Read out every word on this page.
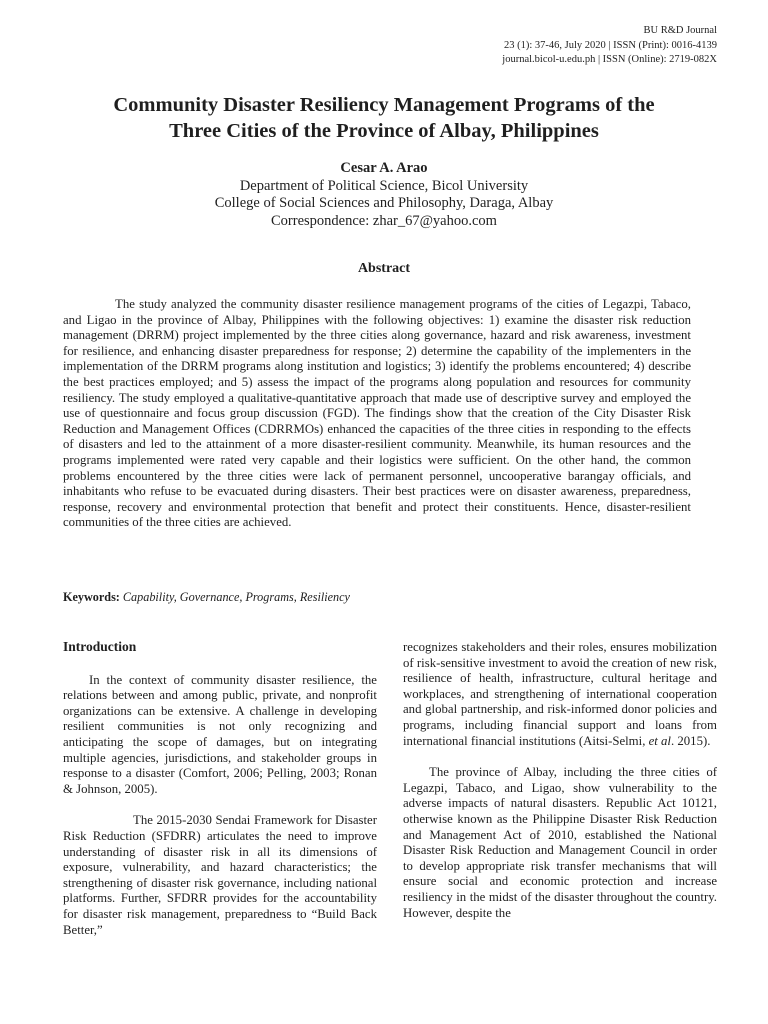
BU R&D Journal
23 (1): 37-46, July 2020 | ISSN (Print): 0016-4139
journal.bicol-u.edu.ph | ISSN (Online): 2719-082X
Community Disaster Resiliency Management Programs of the
Three Cities of the Province of Albay, Philippines
Cesar A. Arao
Department of Political Science, Bicol University
College of Social Sciences and Philosophy, Daraga, Albay
Correspondence: zhar_67@yahoo.com
Abstract

The study analyzed the community disaster resilience management programs of the cities of Legazpi, Tabaco, and Ligao in the province of Albay, Philippines with the following objectives: 1) examine the disaster risk reduction management (DRRM) project implemented by the three cities along governance, hazard and risk awareness, investment for resilience, and enhancing disaster preparedness for response; 2) determine the capability of the implementers in the implementation of the DRRM programs along institution and logistics; 3) identify the problems encountered; 4) describe the best practices employed; and 5) assess the impact of the programs along population and resources for community resiliency. The study employed a qualitative-quantitative approach that made use of descriptive survey and employed the use of questionnaire and focus group discussion (FGD). The findings show that the creation of the City Disaster Risk Reduction and Management Offices (CDRRMOs) enhanced the capacities of the three cities in responding to the effects of disasters and led to the attainment of a more disaster-resilient community. Meanwhile, its human resources and the programs implemented were rated very capable and their logistics were sufficient. On the other hand, the common problems encountered by the three cities were lack of permanent personnel, uncooperative barangay officials, and inhabitants who refuse to be evacuated during disasters. Their best practices were on disaster awareness, preparedness, response, recovery and environmental protection that benefit and protect their constituents. Hence, disaster-resilient communities of the three cities are achieved.

Keywords: Capability, Governance, Programs, Resiliency
Introduction

In the context of community disaster resilience, the relations between and among public, private, and nonprofit organizations can be extensive. A challenge in developing resilient communities is not only recognizing and anticipating the scope of damages, but on integrating multiple agencies, jurisdictions, and stakeholder groups in response to a disaster (Comfort, 2006; Pelling, 2003; Ronan & Johnson, 2005).

The 2015-2030 Sendai Framework for Disaster Risk Reduction (SFDRR) articulates the need to improve understanding of disaster risk in all its dimensions of exposure, vulnerability, and hazard characteristics; the strengthening of disaster risk governance, including national platforms. Further, SFDRR provides for the accountability for disaster risk management, preparedness to “Build Back Better,”

recognizes stakeholders and their roles, ensures mobilization of risk-sensitive investment to avoid the creation of new risk, resilience of health, infrastructure, cultural heritage and workplaces, and strengthening of international cooperation and global partnership, and risk-informed donor policies and programs, including financial support and loans from international financial institutions (Aitsi-Selmi, et al. 2015).

The province of Albay, including the three cities of Legazpi, Tabaco, and Ligao, show vulnerability to the adverse impacts of natural disasters. Republic Act 10121, otherwise known as the Philippine Disaster Risk Reduction and Management Act of 2010, established the National Disaster Risk Reduction and Management Council in order to develop appropriate risk transfer mechanisms that will ensure social and economic protection and increase resiliency in the midst of the disaster throughout the country. However, despite the
